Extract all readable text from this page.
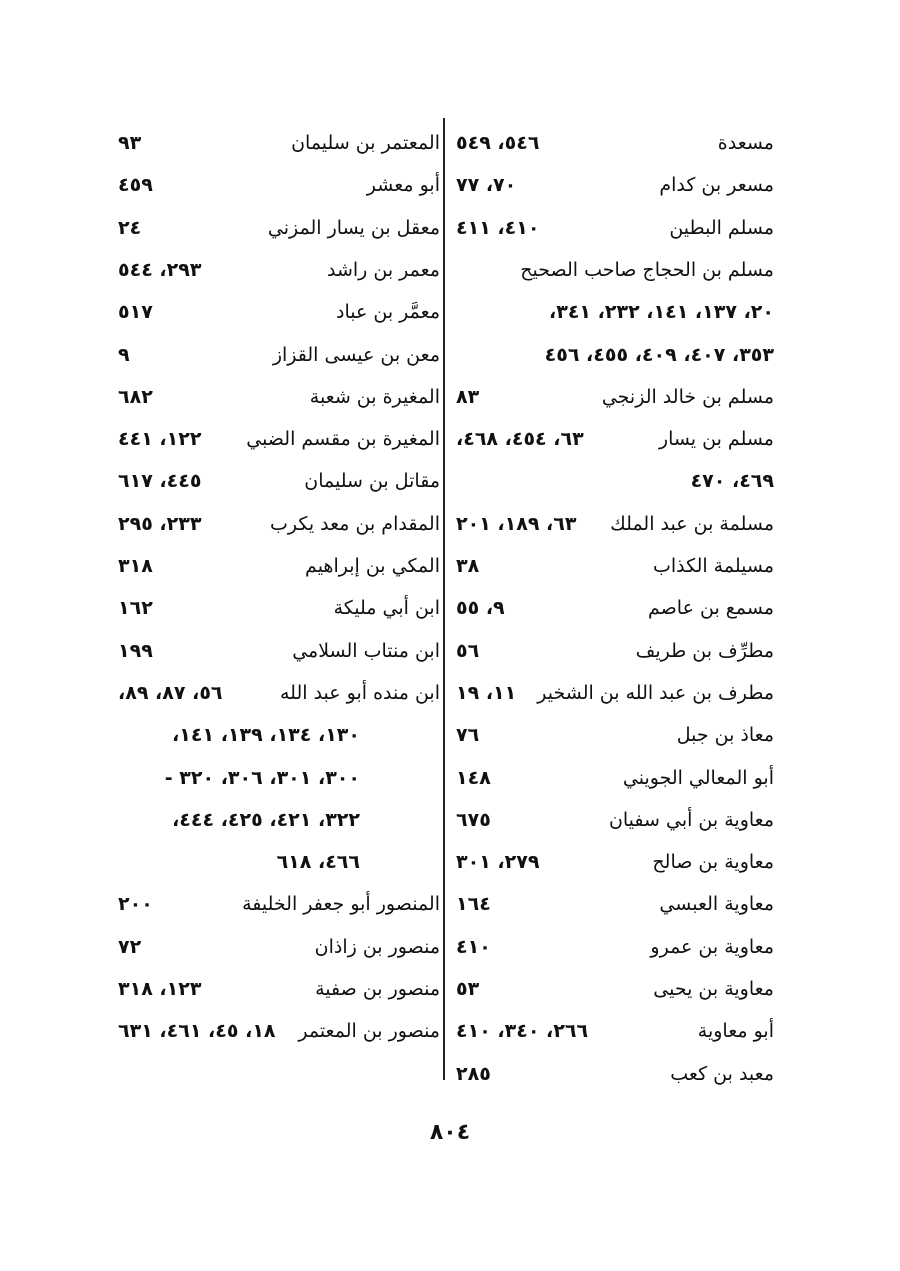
مسعدة
٥٤٦، ٥٤٩
مسعر بن كدام
٧٠، ٧٧
مسلم البطين
٤١٠، ٤١١
مسلم بن الحجاج صاحب الصحيح
٢٠، ١٣٧، ١٤١، ٢٣٢، ٣٤١،
٣٥٣، ٤٠٧، ٤٠٩، ٤٥٥، ٤٥٦
مسلم بن خالد الزنجي
٨٣
مسلم بن يسار
٦٣، ٤٥٤، ٤٦٨،
٤٦٩، ٤٧٠
مسلمة بن عبد الملك
٦٣، ١٨٩، ٢٠١
مسيلمة الكذاب
٣٨
مسمع بن عاصم
٩، ٥٥
مطرِّف بن طريف
٥٦
مطرف بن عبد الله بن الشخير
١١، ١٩
معاذ بن جبل
٧٦
أبو المعالي الجويني
١٤٨
معاوية بن أبي سفيان
٦٧٥
معاوية بن صالح
٢٧٩، ٣٠١
معاوية العبسي
١٦٤
معاوية بن عمرو
٤١٠
معاوية بن يحيى
٥٣
أبو معاوية
٢٦٦، ٣٤٠، ٤١٠
معبد بن كعب
٢٨٥
المعتمر بن سليمان
٩٣
أبو معشر
٤٥٩
معقل بن يسار المزني
٢٤
معمر بن راشد
٢٩٣، ٥٤٤
معمَّر بن عباد
٥١٧
معن بن عيسى القزاز
٩
المغيرة بن شعبة
٦٨٢
المغيرة بن مقسم الضبي
١٢٢، ٤٤١
مقاتل بن سليمان
٤٤٥، ٦١٧
المقدام بن معد يكرب
٢٣٣، ٢٩٥
المكي بن إبراهيم
٣١٨
ابن أبي مليكة
١٦٢
ابن منتاب السلامي
١٩٩
ابن منده أبو عبد الله
٥٦، ٨٧، ٨٩،
١٣٠، ١٣٤، ١٣٩، ١٤١،
٣٠٠، ٣٠١، ٣٠٦، ٣٢٠ -
٣٢٢، ٤٢١، ٤٢٥، ٤٤٤،
٤٦٦، ٦١٨
المنصور أبو جعفر الخليفة
٢٠٠
منصور بن زاذان
٧٢
منصور بن صفية
١٢٣، ٣١٨
منصور بن المعتمر
١٨، ٤٥، ٤٦١، ٦٣١
٨٠٤
